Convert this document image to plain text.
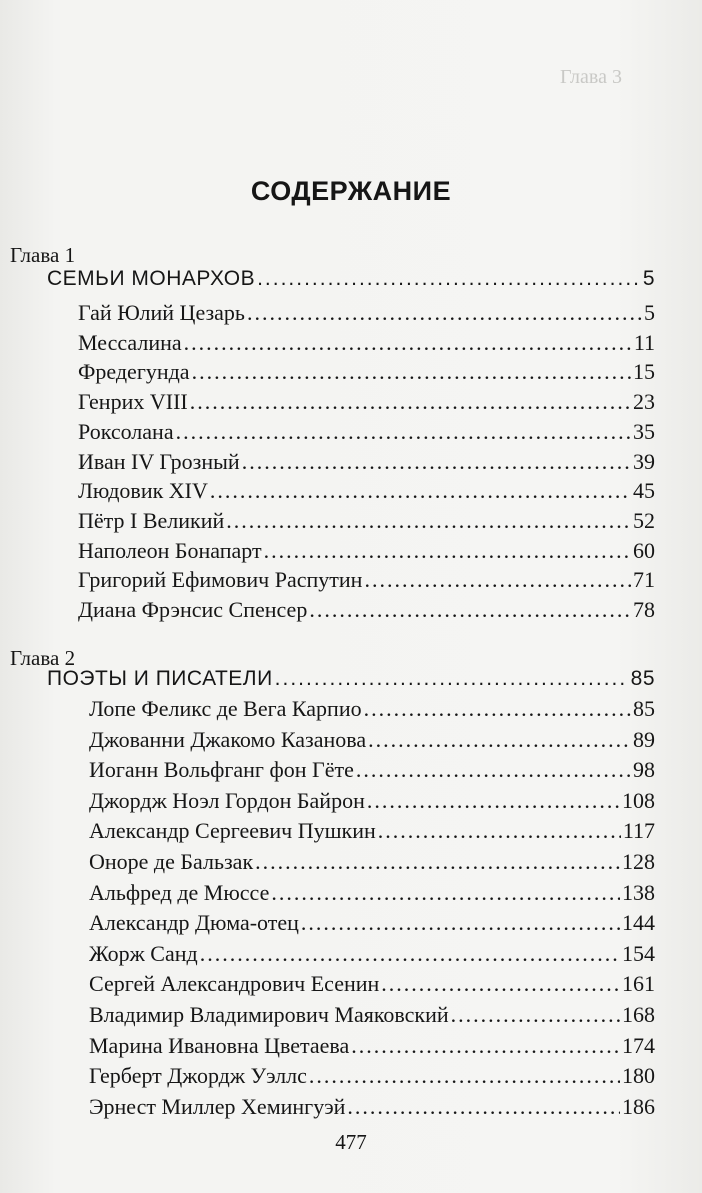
Глава 3
СОДЕРЖАНИЕ
Глава 1
СЕМЬИ МОНАРХОВ .....	5
Гай Юлий Цезарь .....	5
Мессалина .....	11
Фредегунда .....	15
Генрих VIII .....	23
Роксолана .....	35
Иван IV Грозный .....	39
Людовик XIV .....	45
Пётр I Великий .....	52
Наполеон Бонапарт .....	60
Григорий Ефимович Распутин .....	71
Диана Фрэнсис Спенсер .....	78
Глава 2
ПОЭТЫ И ПИСАТЕЛИ .....	85
Лопе Феликс де Вега Карпио .....	85
Джованни Джакомо Казанова .....	89
Иоганн Вольфганг фон Гёте .....	98
Джордж Ноэл Гордон Байрон .....	108
Александр Сергеевич Пушкин .....	117
Оноре де Бальзак .....	128
Альфред де Мюссе .....	138
Александр Дюма-отец .....	144
Жорж Санд .....	154
Сергей Александрович Есенин .....	161
Владимир Владимирович Маяковский .....	168
Марина Ивановна Цветаева .....	174
Герберт Джордж Уэллс .....	180
Эрнест Миллер Хемингуэй .....	186
477
